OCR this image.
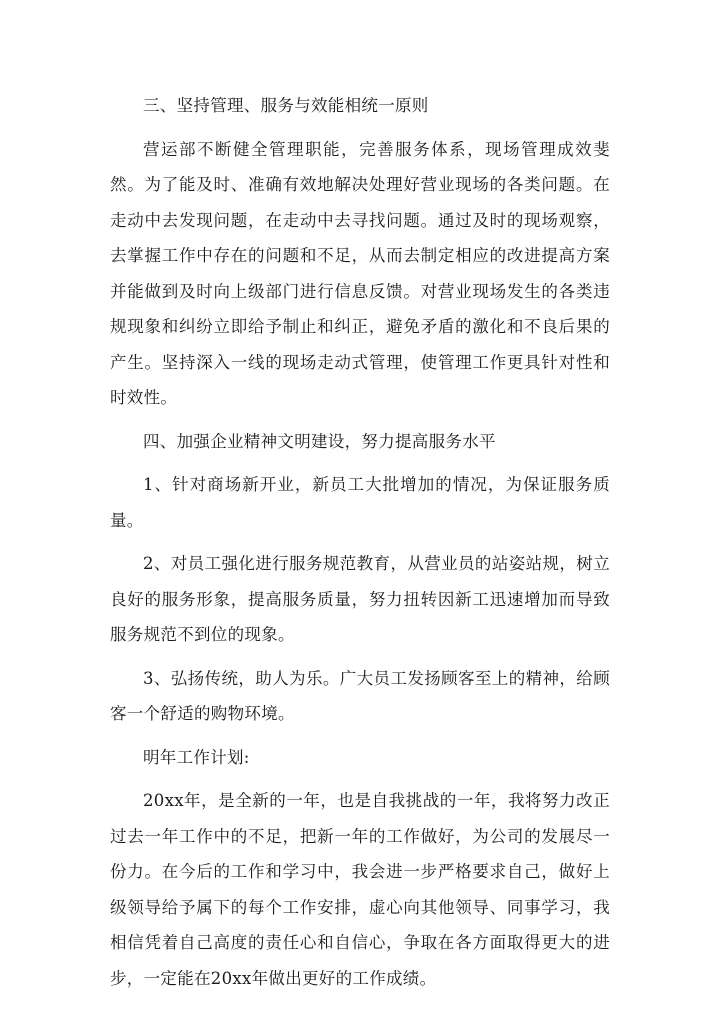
三、坚持管理、服务与效能相统一原则

营运部不断健全管理职能，完善服务体系，现场管理成效斐然。为了能及时、准确有效地解决处理好营业现场的各类问题。在走动中去发现问题，在走动中去寻找问题。通过及时的现场观察，去掌握工作中存在的问题和不足，从而去制定相应的改进提高方案并能做到及时向上级部门进行信息反馈。对营业现场发生的各类违规现象和纠纷立即给予制止和纠正，避免矛盾的激化和不良后果的产生。坚持深入一线的现场走动式管理，使管理工作更具针对性和时效性。

四、加强企业精神文明建设，努力提高服务水平

1、针对商场新开业，新员工大批增加的情况，为保证服务质量。

2、对员工强化进行服务规范教育，从营业员的站姿站规，树立良好的服务形象，提高服务质量，努力扭转因新工迅速增加而导致服务规范不到位的现象。

3、弘扬传统，助人为乐。广大员工发扬顾客至上的精神，给顾客一个舒适的购物环境。

明年工作计划:

20xx年，是全新的一年，也是自我挑战的一年，我将努力改正过去一年工作中的不足，把新一年的工作做好，为公司的发展尽一份力。在今后的工作和学习中，我会进一步严格要求自己，做好上级领导给予属下的每个工作安排，虚心向其他领导、同事学习，我相信凭着自己高度的责任心和自信心，争取在各方面取得更大的进步，一定能在20xx年做出更好的工作成绩。
